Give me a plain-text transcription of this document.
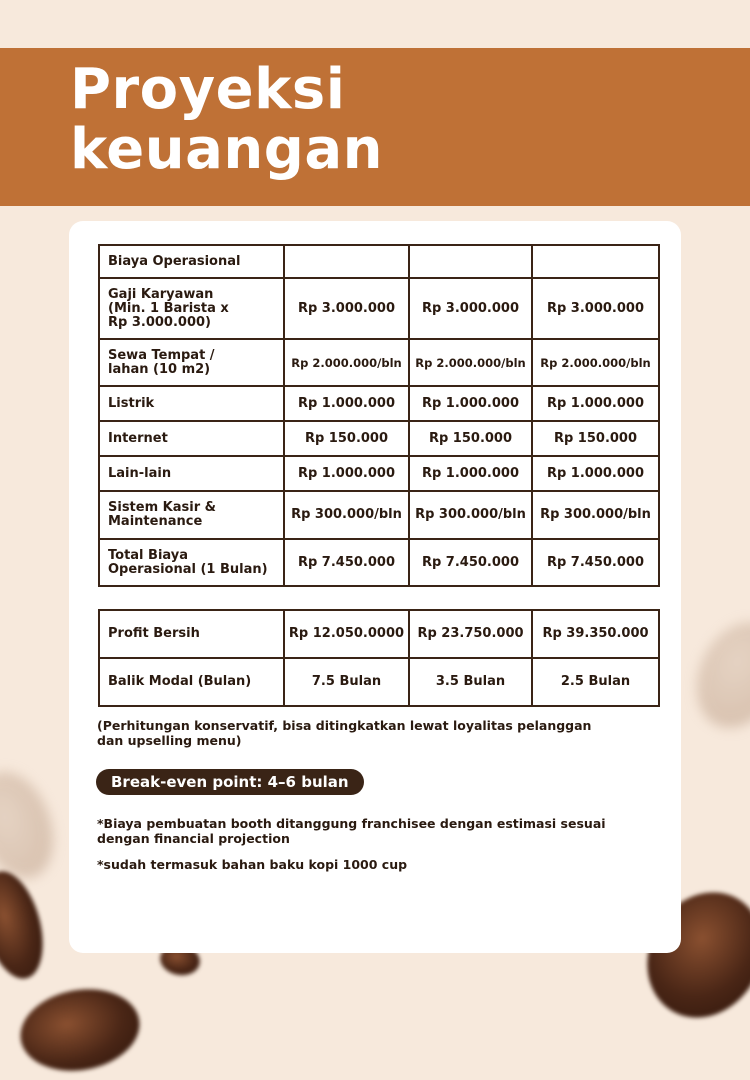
Proyeksi
keuangan
Biaya Operasional			
Gaji Karyawan
(Min. 1 Barista x
Rp 3.000.000)	Rp 3.000.000	Rp 3.000.000	Rp 3.000.000
Sewa Tempat /
lahan (10 m2)	Rp 2.000.000/bln	Rp 2.000.000/bln	Rp 2.000.000/bln
Listrik	Rp 1.000.000	Rp 1.000.000	Rp 1.000.000
Internet	Rp 150.000	Rp 150.000	Rp 150.000
Lain-lain	Rp 1.000.000	Rp 1.000.000	Rp 1.000.000
Sistem Kasir &
Maintenance	Rp 300.000/bln	Rp 300.000/bln	Rp 300.000/bln
Total Biaya
Operasional (1 Bulan)	Rp 7.450.000	Rp 7.450.000	Rp 7.450.000
Profit Bersih	Rp 12.050.0000	Rp 23.750.000	Rp 39.350.000
Balik Modal (Bulan)	7.5 Bulan	3.5 Bulan	2.5 Bulan

(Perhitungan konservatif, bisa ditingkatkan lewat loyalitas pelanggan
dan upselling menu)

Break-even point: 4–6 bulan

*Biaya pembuatan booth ditanggung franchisee dengan estimasi sesuai
dengan financial projection

*sudah termasuk bahan baku kopi 1000 cup
